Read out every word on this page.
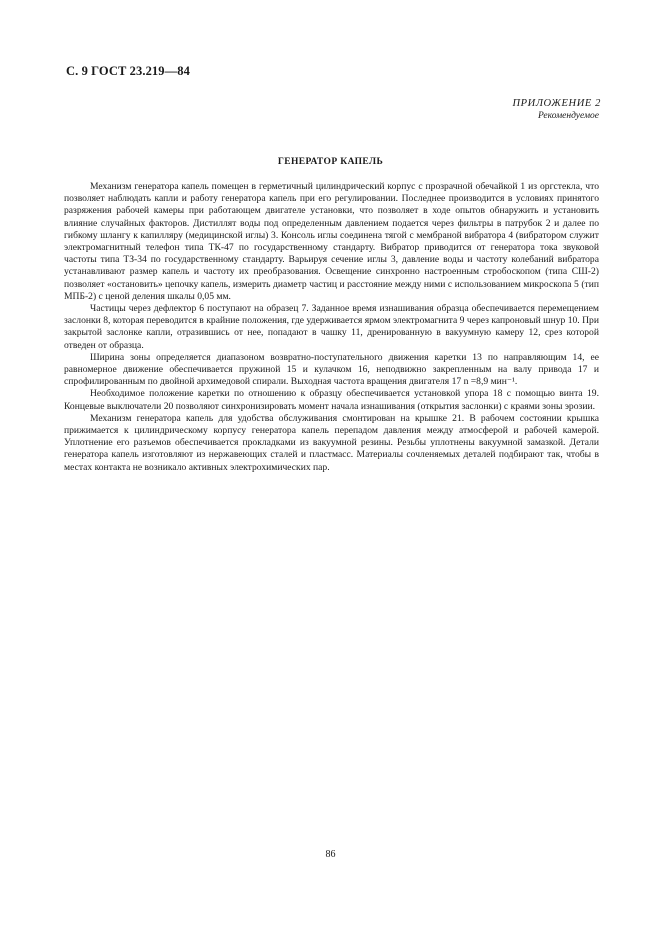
С. 9 ГОСТ 23.219—84
ПРИЛОЖЕНИЕ 2
Рекомендуемое
ГЕНЕРАТОР КАПЕЛЬ

Механизм генератора капель помещен в герметичный цилиндрический корпус с прозрачной обечайкой 1 из оргстекла, что позволяет наблюдать капли и работу генератора капель при его регулировании. Последнее производится в условиях принятого разряжения рабочей камеры при работающем двигателе установки, что позволяет в ходе опытов обнаружить и установить влияние случайных факторов. Дистиллят воды под определенным давлением подается через фильтры в патрубок 2 и далее по гибкому шлангу к капилляру (медицинской иглы) 3. Консоль иглы соединена тягой с мембраной вибратора 4 (вибратором служит электромагнитный телефон типа ТК-47 по государственному стандарту. Вибратор приводится от генератора тока звуковой частоты типа ТЗ-34 по государственному стандарту. Варьируя сечение иглы 3, давление воды и частоту колебаний вибратора устанавливают размер капель и частоту их преобразования. Освещение синхронно настроенным стробоскопом (типа СШ-2) позволяет «остановить» цепочку капель, измерить диаметр частиц и расстояние между ними с использованием микроскопа 5 (тип МПБ-2) с ценой деления шкалы 0,05 мм.

Частицы через дефлектор 6 поступают на образец 7. Заданное время изнашивания образца обеспечивается перемещением заслонки 8, которая переводится в крайние положения, где удерживается ярмом электромагнита 9 через капроновый шнур 10. При закрытой заслонке капли, отразившись от нее, попадают в чашку 11, дренированную в вакуумную камеру 12, срез которой отведен от образца.

Ширина зоны определяется диапазоном возвратно-поступательного движения каретки 13 по направляющим 14, ее равномерное движение обеспечивается пружиной 15 и кулачком 16, неподвижно закрепленным на валу привода 17 и спрофилированным по двойной архимедовой спирали. Выходная частота вращения двигателя 17 n =8,9 мин⁻¹.

Необходимое положение каретки по отношению к образцу обеспечивается установкой упора 18 с помощью винта 19. Концевые выключатели 20 позволяют синхронизировать момент начала изнашивания (открытия заслонки) с краями зоны эрозии.

Механизм генератора капель для удобства обслуживания смонтирован на крышке 21. В рабочем состоянии крышка прижимается к цилиндрическому корпусу генератора капель перепадом давления между атмосферой и рабочей камерой. Уплотнение его разъемов обеспечивается прокладками из вакуумной резины. Резьбы уплотнены вакуумной замазкой. Детали генератора капель изготовляют из нержавеющих сталей и пластмасс. Материалы сочленяемых деталей подбирают так, чтобы в местах контакта не возникало активных электрохимических пар.

86
